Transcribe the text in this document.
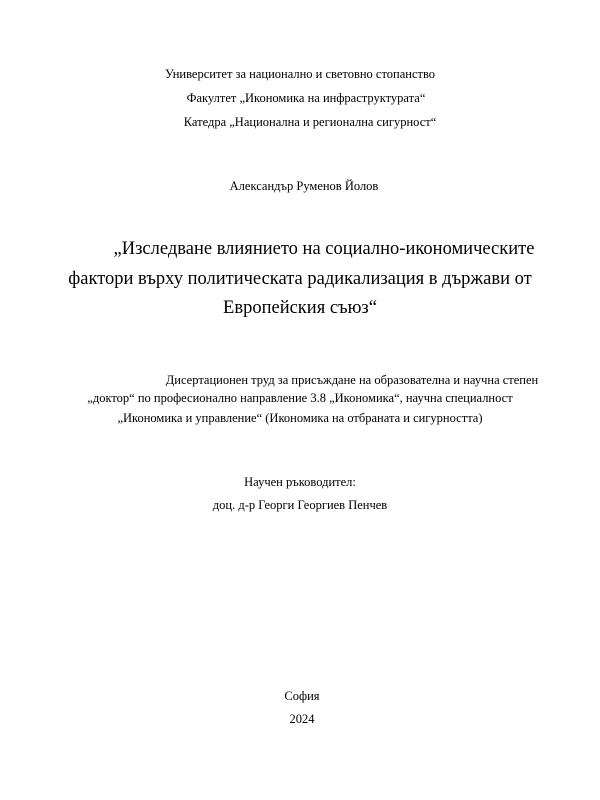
Университет за национално и световно стопанство
Факултет „Икономика на инфраструктурата“
Катедра „Национална и регионална сигурност“
Александър Руменов Йолов
„Изследване влиянието на социално-икономическите
фактори върху политическата радикализация в държави от
Европейския съюз“
Дисертационен труд за присъждане на образователна и научна степен
„доктор“ по професионално направление 3.8 „Икономика“, научна специалност
„Икономика и управление“ (Икономика на отбраната и сигурността)
Научен ръководител:
доц. д-р Георги Георгиев Пенчев
София
2024
